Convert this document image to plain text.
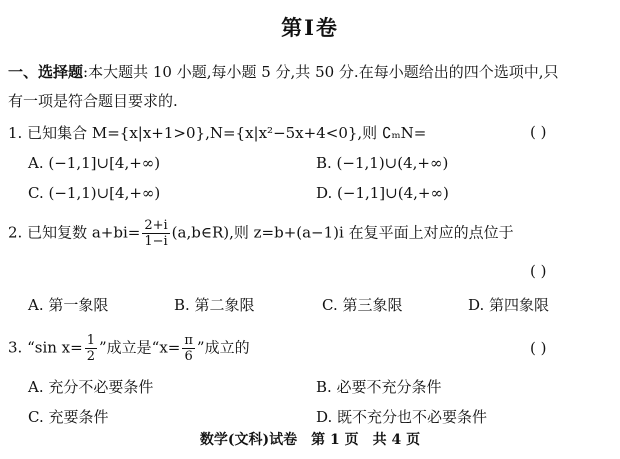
第Ⅰ卷
一、选择题:本大题共 10 小题,每小题 5 分,共 50 分.在每小题给出的四个选项中,只
有一项是符合题目要求的.
1. 已知集合 M={x|x+1>0},N={x|x²−5x+4<0},则 ∁ₘN=	( )
A. (−1,1]∪[4,+∞)	B. (−1,1)∪(4,+∞)
C. (−1,1)∪[4,+∞)	D. (−1,1]∪(4,+∞)
2. 已知复数 $a+bi= \frac{2+i}{1-i}$ (a,b∈R),则 z=b+(a−1)i 在复平面上对应的点位于
( )
A. 第一象限	B. 第二象限	C. 第三象限	D. 第四象限
3. “sin $x= \frac{1}{2}$ ”成立是“$x= \frac{\pi}{6}$ ”成立的	( )
A. 充分不必要条件	B. 必要不充分条件
C. 充要条件	D. 既不充分也不必要条件
数学(文科)试卷　第 1 页　共 4 页
